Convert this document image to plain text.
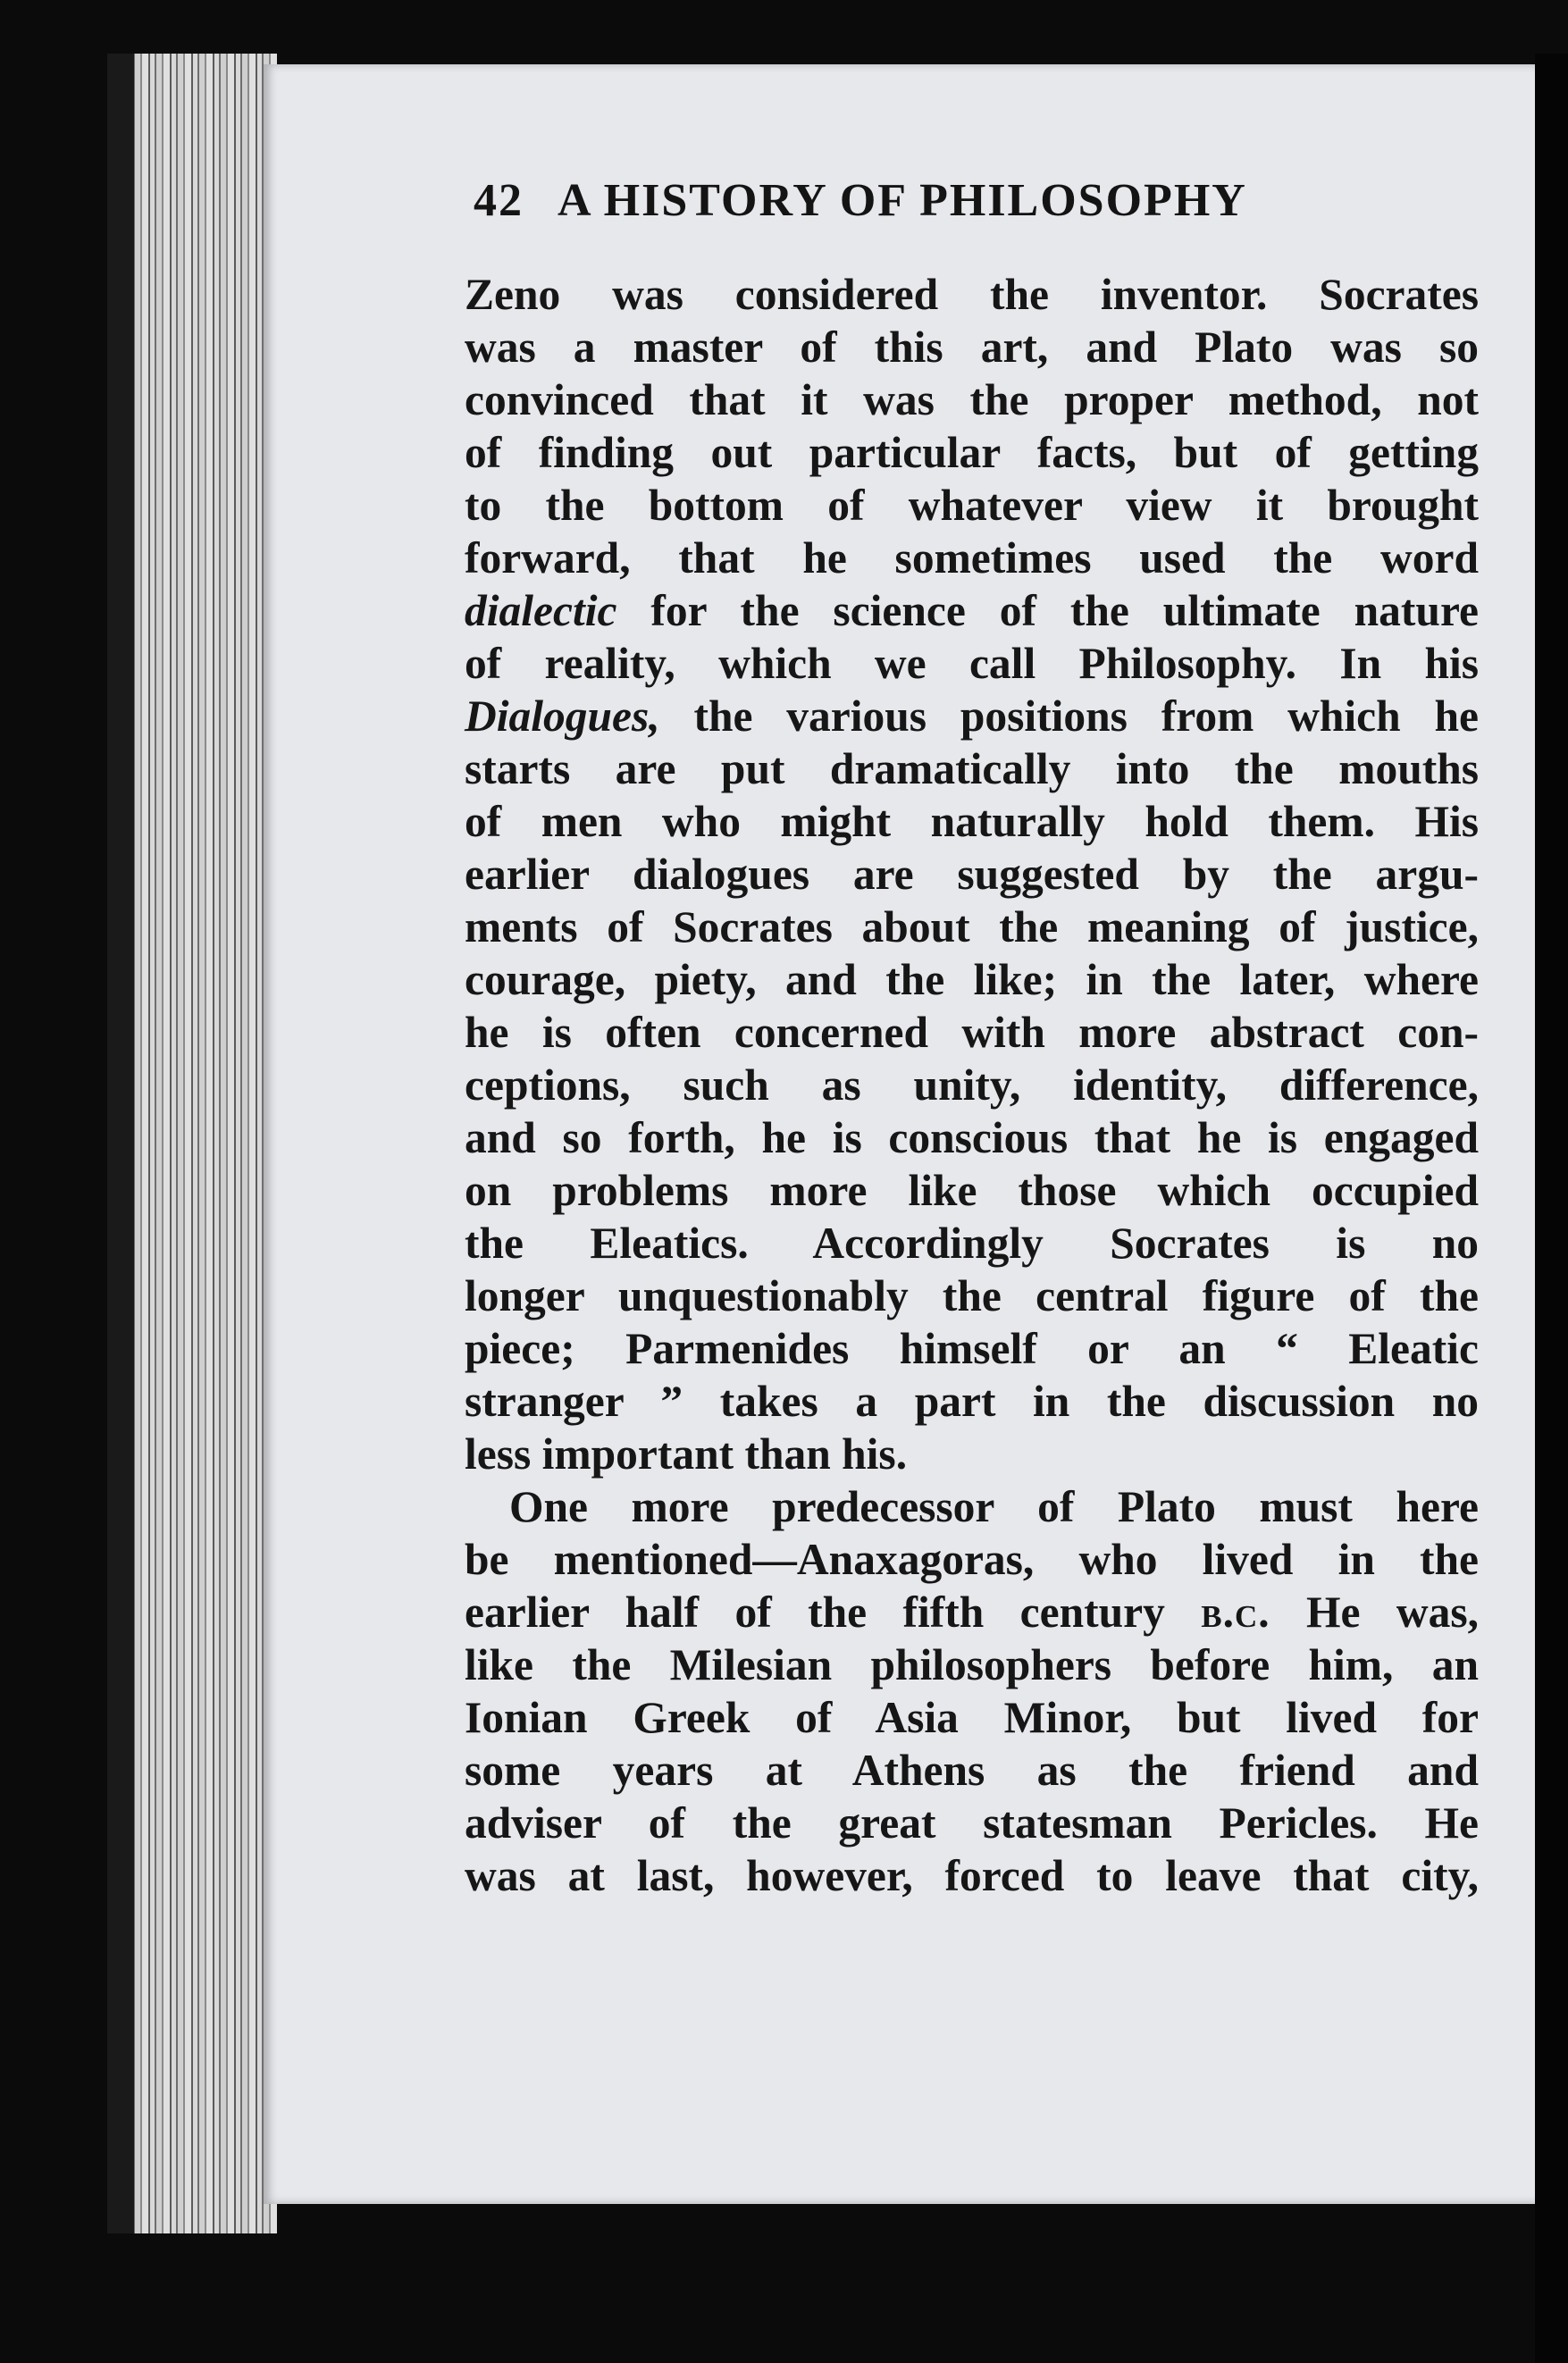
42 A HISTORY OF PHILOSOPHY
Zeno was considered the inventor. Socrates
was a master of this art, and Plato was so
convinced that it was the proper method, not
of finding out particular facts, but of getting
to the bottom of whatever view it brought
forward, that he sometimes used the word
dialectic for the science of the ultimate nature
of reality, which we call Philosophy. In his
Dialogues, the various positions from which he
starts are put dramatically into the mouths
of men who might naturally hold them. His
earlier dialogues are suggested by the argu-
ments of Socrates about the meaning of justice,
courage, piety, and the like; in the later, where
he is often concerned with more abstract con-
ceptions, such as unity, identity, difference,
and so forth, he is conscious that he is engaged
on problems more like those which occupied
the Eleatics. Accordingly Socrates is no
longer unquestionably the central figure of the
piece; Parmenides himself or an “ Eleatic
stranger ” takes a part in the discussion no
less important than his.
One more predecessor of Plato must here
be mentioned—Anaxagoras, who lived in the
earlier half of the fifth century b.c. He was,
like the Milesian philosophers before him, an
Ionian Greek of Asia Minor, but lived for
some years at Athens as the friend and
adviser of the great statesman Pericles. He
was at last, however, forced to leave that city,
